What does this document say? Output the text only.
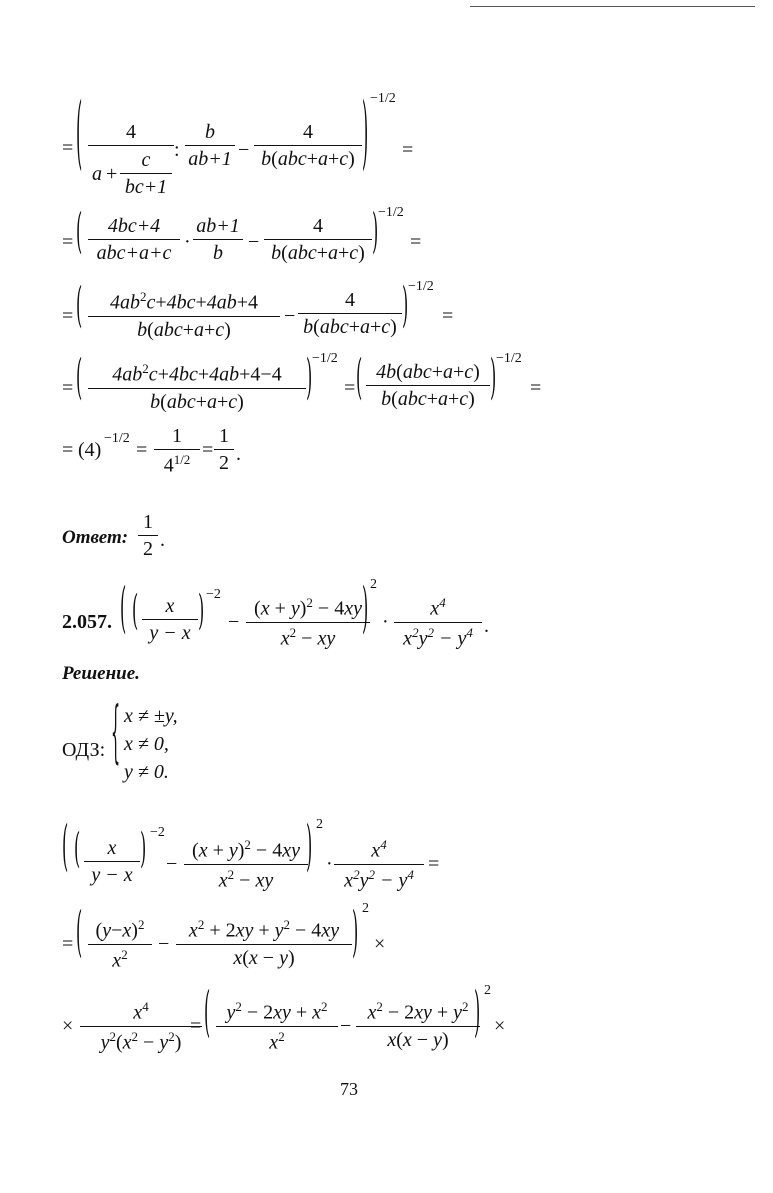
= (	4
a +
c
bc+1
:
b
ab+1 −
4
b(abc+a+c) ) −1/2
=
= (	4bc+4
abc+a+c ·
ab+1
b	−
4
b(abc+a+c) ) −1/2
=
= (	$4ab^2c+4bc+4ab+4$
b(abc+a+c)
−
4
b(abc+a+c) ) −1/2
=
= (	$4ab^2c+4bc+4ab+4-4$
b(abc+a+c)	) −1/2
= ( 4b(abc+a+c)
b(abc+a+c) ) −1/2
=
= (4)
−1/2
=
1
$4^{1/2}$ =
1
2 .
Ответ:
1
2 .
2.057. ( (	x
y − x ) −2
−
$(x + y)^2 - 4xy$
$x^2$ − xy	) 2
·
$x^4$
$x^2y^2 - y^4$ .
Решение.
ОДЗ: { x ≠ ±y,
x ≠ 0,
y ≠ 0.
( (	x
y − x
) −2
−
$(x + y)^2 - 4xy$
$x^2$ − xy
) 2
·
$x^4$
$x^2y^2 - y^4$ =
= ( $(y-x)^2$
$x^2$	−
$x^2 + 2xy + y^2 - 4xy$
x(x − y)	) 2
×
×
$x^4$
$y^2(x^2 - y^2)$
= ( $y^2 - 2xy + x^2$
$x^2$	−
$x^2 - 2xy + y^2$
x(x − y)	) 2
×
73
